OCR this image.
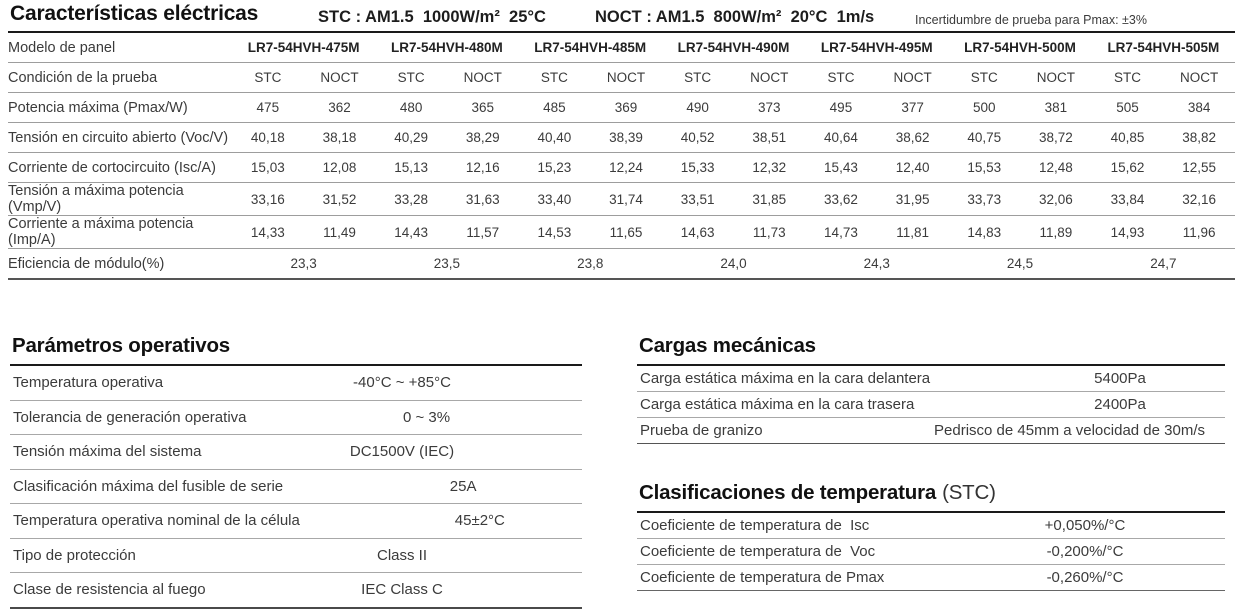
Características eléctricas	STC : AM1.5  1000W/m²  25°C	NOCT : AM1.5  800W/m²  20°C  1m/s	Incertidumbre de prueba para Pmax: ±3%
Modelo de panel	LR7-54HVH-475M		LR7-54HVH-480M		LR7-54HVH-485M		LR7-54HVH-490M		LR7-54HVH-495M		LR7-54HVH-500M		LR7-54HVH-505M	
Condición de la prueba	STC	NOCT	STC	NOCT	STC	NOCT	STC	NOCT	STC	NOCT	STC	NOCT	STC	NOCT
Potencia máxima (Pmax/W)	475	362	480	365	485	369	490	373	495	377	500	381	505	384
Tensión en circuito abierto (Voc/V)	40,18	38,18	40,29	38,29	40,40	38,39	40,52	38,51	40,64	38,62	40,75	38,72	40,85	38,82
Corriente de cortocircuito (Isc/A)	15,03	12,08	15,13	12,16	15,23	12,24	15,33	12,32	15,43	12,40	15,53	12,48	15,62	12,55
Tensión a máxima potencia (Vmp/V)	33,16	31,52	33,28	31,63	33,40	31,74	33,51	31,85	33,62	31,95	33,73	32,06	33,84	32,16
Corriente a máxima potencia (Imp/A)	14,33	11,49	14,43	11,57	14,53	11,65	14,63	11,73	14,73	11,81	14,83	11,89	14,93	11,96
Eficiencia de módulo(%)	23,3		23,5		23,8		24,0		24,3		24,5		24,7	
Parámetros operativos
Temperatura operativa	-40°C ~ +85°C
Tolerancia de generación operativa	0 ~ 3%
Tensión máxima del sistema	DC1500V (IEC)
Clasificación máxima del fusible de serie	25A
Temperatura operativa nominal de la célula	45±2°C
Tipo de protección	Class II
Clase de resistencia al fuego	IEC Class C
Cargas mecánicas
Carga estática máxima en la cara delantera	5400Pa
Carga estática máxima en la cara trasera	2400Pa
Prueba de granizo	Pedrisco de 45mm a velocidad de 30m/s
Clasificaciones de temperatura (STC)
Coeficiente de temperatura de  Isc	+0,050%/°C
Coeficiente de temperatura de  Voc	-0,200%/°C
Coeficiente de temperatura de Pmax	-0,260%/°C
